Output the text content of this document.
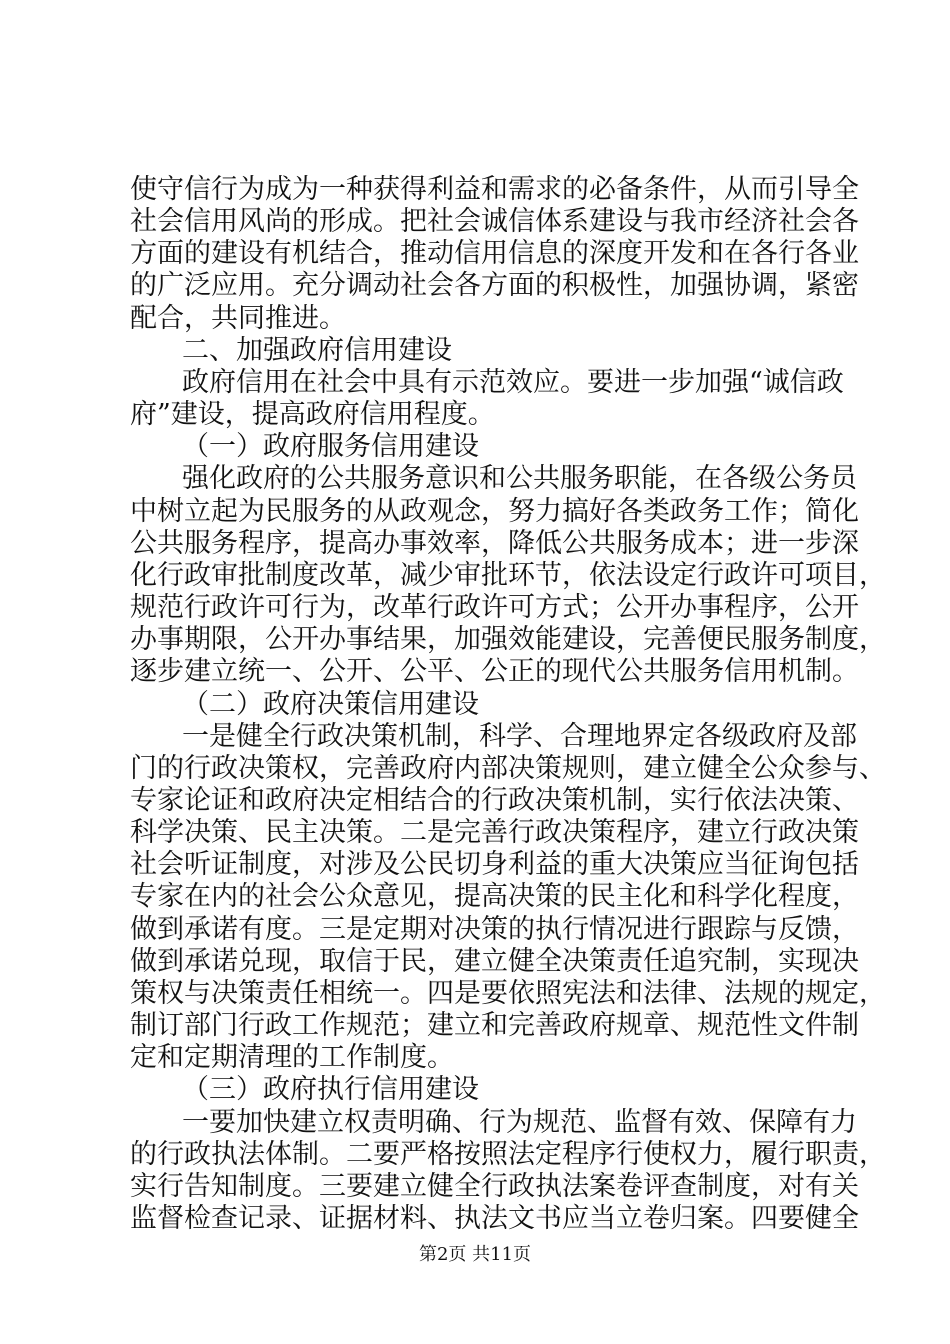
使守信行为成为一种获得利益和需求的必备条件，从而引导全
社会信用风尚的形成。把社会诚信体系建设与我市经济社会各
方面的建设有机结合，推动信用信息的深度开发和在各行各业
的广泛应用。充分调动社会各方面的积极性，加强协调，紧密
配合，共同推进。
二、加强政府信用建设
政府信用在社会中具有示范效应。要进一步加强“诚信政
府”建设，提高政府信用程度。
（一）政府服务信用建设
强化政府的公共服务意识和公共服务职能，在各级公务员
中树立起为民服务的从政观念，努力搞好各类政务工作；简化
公共服务程序，提高办事效率，降低公共服务成本；进一步深
化行政审批制度改革，减少审批环节，依法设定行政许可项目，
规范行政许可行为，改革行政许可方式；公开办事程序，公开
办事期限，公开办事结果，加强效能建设，完善便民服务制度，
逐步建立统一、公开、公平、公正的现代公共服务信用机制。
（二）政府决策信用建设
一是健全行政决策机制，科学、合理地界定各级政府及部
门的行政决策权，完善政府内部决策规则，建立健全公众参与、
专家论证和政府决定相结合的行政决策机制，实行依法决策、
科学决策、民主决策。二是完善行政决策程序，建立行政决策
社会听证制度，对涉及公民切身利益的重大决策应当征询包括
专家在内的社会公众意见，提高决策的民主化和科学化程度，
做到承诺有度。三是定期对决策的执行情况进行跟踪与反馈，
做到承诺兑现，取信于民，建立健全决策责任追究制，实现决
策权与决策责任相统一。四是要依照宪法和法律、法规的规定，
制订部门行政工作规范；建立和完善政府规章、规范性文件制
定和定期清理的工作制度。
（三）政府执行信用建设
一要加快建立权责明确、行为规范、监督有效、保障有力
的行政执法体制。二要严格按照法定程序行使权力，履行职责，
实行告知制度。三要建立健全行政执法案卷评查制度，对有关
监督检查记录、证据材料、执法文书应当立卷归案。四要健全
第2页 共11页
